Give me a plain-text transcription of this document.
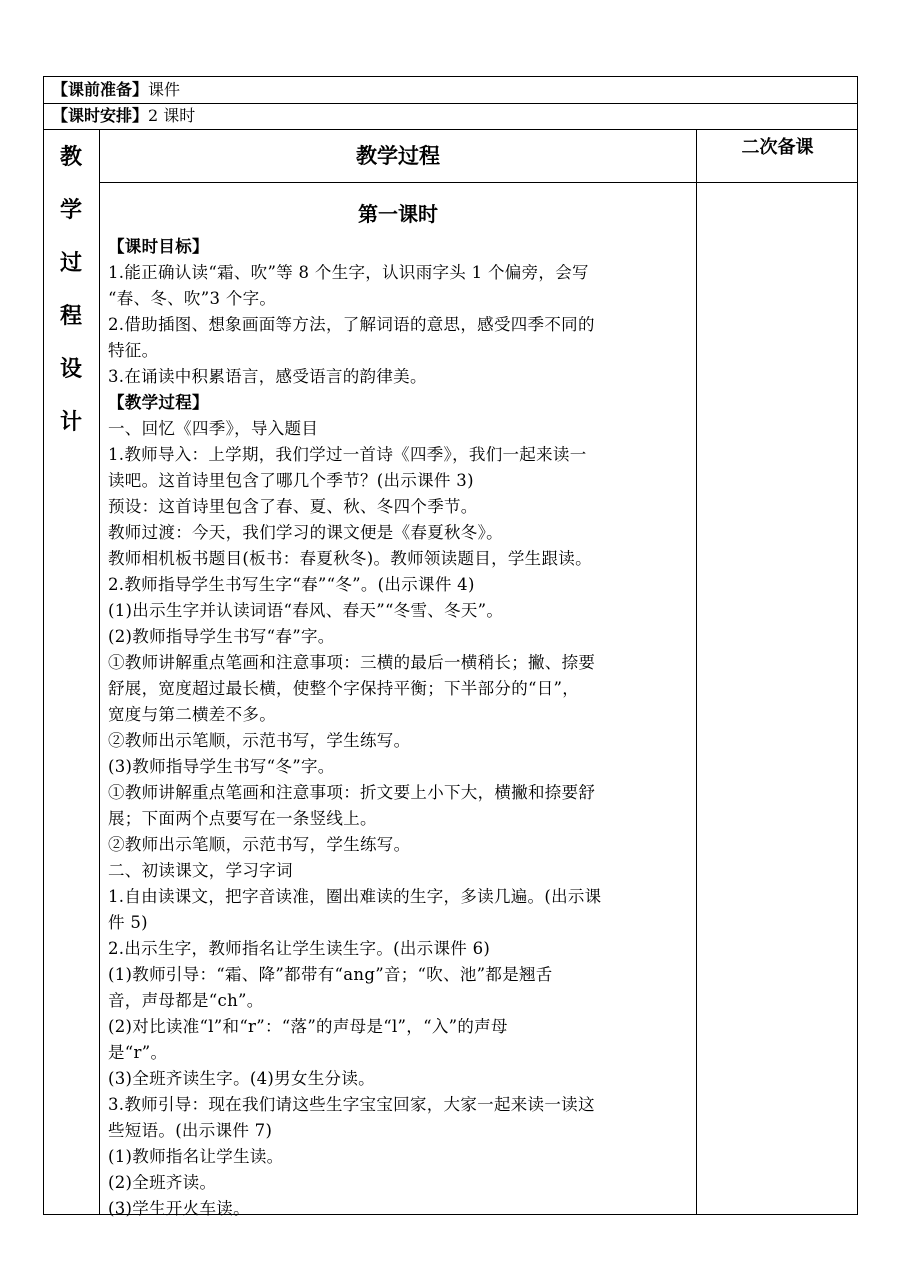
【课前准备】课件
【课时安排】2 课时
教
学
过
程
设
计
教学过程	二次备课
第一课时
【课时目标】
1.能正确认读“霜、吹”等 8 个生字，认识雨字头 1 个偏旁，会写
“春、冬、吹”3 个字。
2.借助插图、想象画面等方法，了解词语的意思，感受四季不同的
特征。
3.在诵读中积累语言，感受语言的韵律美。
【教学过程】
一、回忆《四季》，导入题目
1.教师导入：上学期，我们学过一首诗《四季》，我们一起来读一
读吧。这首诗里包含了哪几个季节？(出示课件 3)
预设：这首诗里包含了春、夏、秋、冬四个季节。
教师过渡：今天，我们学习的课文便是《春夏秋冬》。
教师相机板书题目(板书：春夏秋冬)。教师领读题目，学生跟读。
2.教师指导学生书写生字“春”“冬”。(出示课件 4)
(1)出示生字并认读词语“春风、春天”“冬雪、冬天”。
(2)教师指导学生书写“春”字。
①教师讲解重点笔画和注意事项：三横的最后一横稍长；撇、捺要
舒展，宽度超过最长横，使整个字保持平衡；下半部分的“日”，
宽度与第二横差不多。
②教师出示笔顺，示范书写，学生练写。
(3)教师指导学生书写“冬”字。
①教师讲解重点笔画和注意事项：折文要上小下大，横撇和捺要舒
展；下面两个点要写在一条竖线上。
②教师出示笔顺，示范书写，学生练写。
二、初读课文，学习字词
1.自由读课文，把字音读准，圈出难读的生字，多读几遍。(出示课
件 5)
2.出示生字，教师指名让学生读生字。(出示课件 6)
(1)教师引导：“霜、降”都带有“ang”音；“吹、池”都是翘舌
音，声母都是“ch”。
(2)对比读准“l”和“r”：“落”的声母是“l”，“入”的声母
是“r”。
(3)全班齐读生字。(4)男女生分读。
3.教师引导：现在我们请这些生字宝宝回家，大家一起来读一读这
些短语。(出示课件 7)
(1)教师指名让学生读。
(2)全班齐读。
(3)学生开火车读。
